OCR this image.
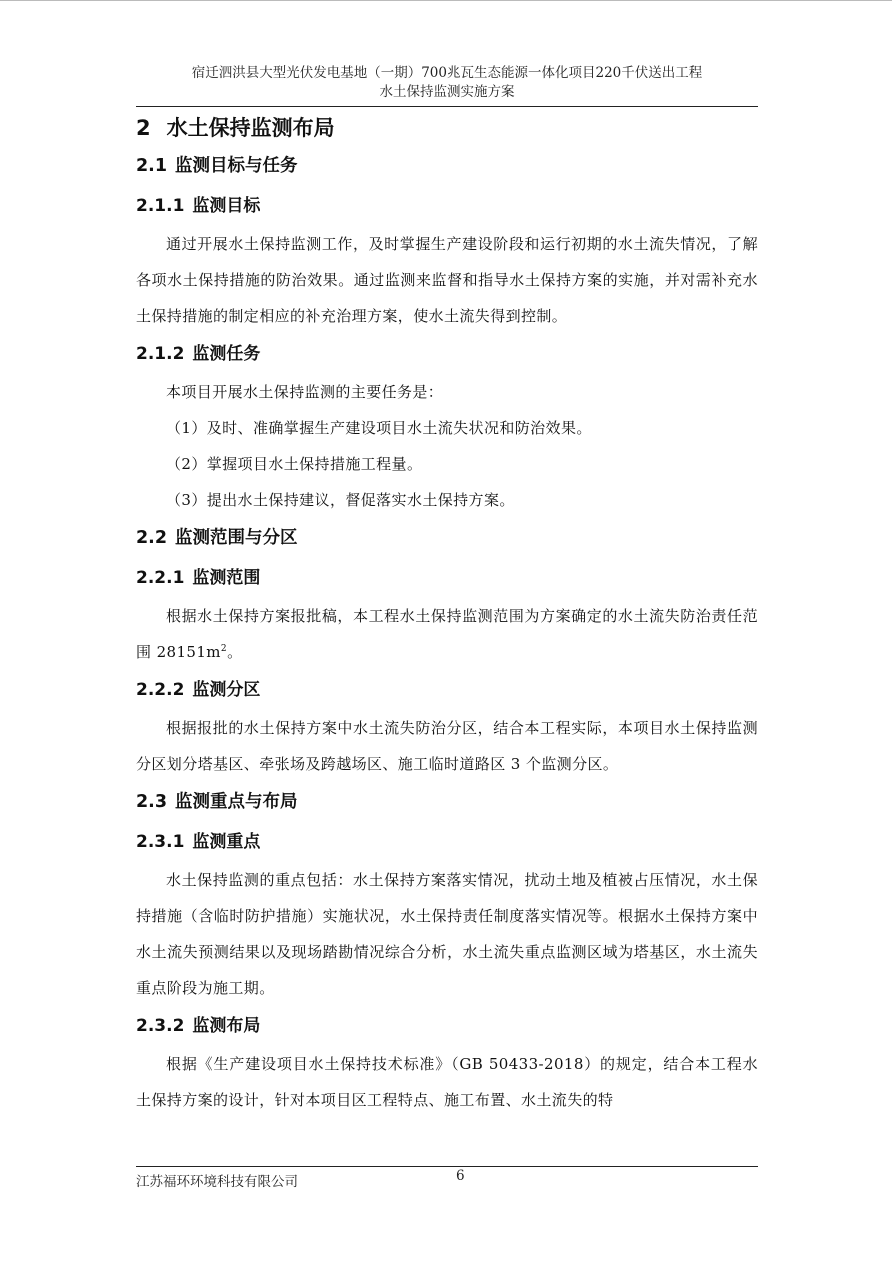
宿迁泗洪县大型光伏发电基地（一期）700兆瓦生态能源一体化项目220千伏送出工程
水土保持监测实施方案
2 水土保持监测布局
2.1 监测目标与任务
2.1.1 监测目标

通过开展水土保持监测工作，及时掌握生产建设阶段和运行初期的水土流失情况，了解各项水土保持措施的防治效果。通过监测来监督和指导水土保持方案的实施，并对需补充水土保持措施的制定相应的补充治理方案，使水土流失得到控制。

2.1.2 监测任务

本项目开展水土保持监测的主要任务是：

（1）及时、准确掌握生产建设项目水土流失状况和防治效果。

（2）掌握项目水土保持措施工程量。

（3）提出水土保持建议，督促落实水土保持方案。

2.2 监测范围与分区
2.2.1 监测范围

根据水土保持方案报批稿，本工程水土保持监测范围为方案确定的水土流失防治责任范围 $28151m^2$。

2.2.2 监测分区

根据报批的水土保持方案中水土流失防治分区，结合本工程实际，本项目水土保持监测分区划分塔基区、牵张场及跨越场区、施工临时道路区 3 个监测分区。

2.3 监测重点与布局
2.3.1 监测重点

水土保持监测的重点包括：水土保持方案落实情况，扰动土地及植被占压情况，水土保持措施（含临时防护措施）实施状况，水土保持责任制度落实情况等。根据水土保持方案中水土流失预测结果以及现场踏勘情况综合分析，水土流失重点监测区域为塔基区，水土流失重点阶段为施工期。

2.3.2 监测布局

根据《生产建设项目水土保持技术标准》（GB 50433-2018）的规定，结合本工程水土保持方案的设计，针对本项目区工程特点、施工布置、水土流失的特

江苏福环环境科技有限公司	6
